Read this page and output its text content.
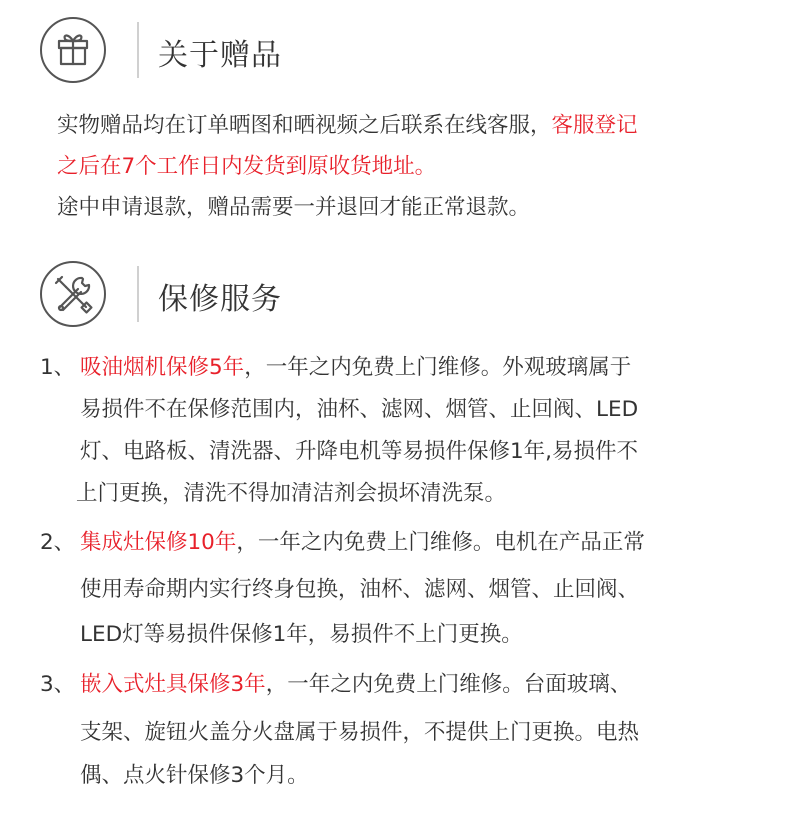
关于赠品
实物赠品均在订单晒图和晒视频之后联系在线客服，客服登记
之后在7个工作日内发货到原收货地址。
途中申请退款，赠品需要一并退回才能正常退款。
保修服务
1、 吸油烟机保修5年，一年之内免费上门维修。外观玻璃属于
易损件不在保修范围内，油杯、滤网、烟管、止回阀、LED
灯、电路板、清洗器、升降电机等易损件保修1年,易损件不
上门更换，清洗不得加清洁剂会损坏清洗泵。
2、 集成灶保修10年，一年之内免费上门维修。电机在产品正常
使用寿命期内实行终身包换，油杯、滤网、烟管、止回阀、
LED灯等易损件保修1年，易损件不上门更换。
3、 嵌入式灶具保修3年，一年之内免费上门维修。台面玻璃、
支架、旋钮火盖分火盘属于易损件，不提供上门更换。电热
偶、点火针保修3个月。
